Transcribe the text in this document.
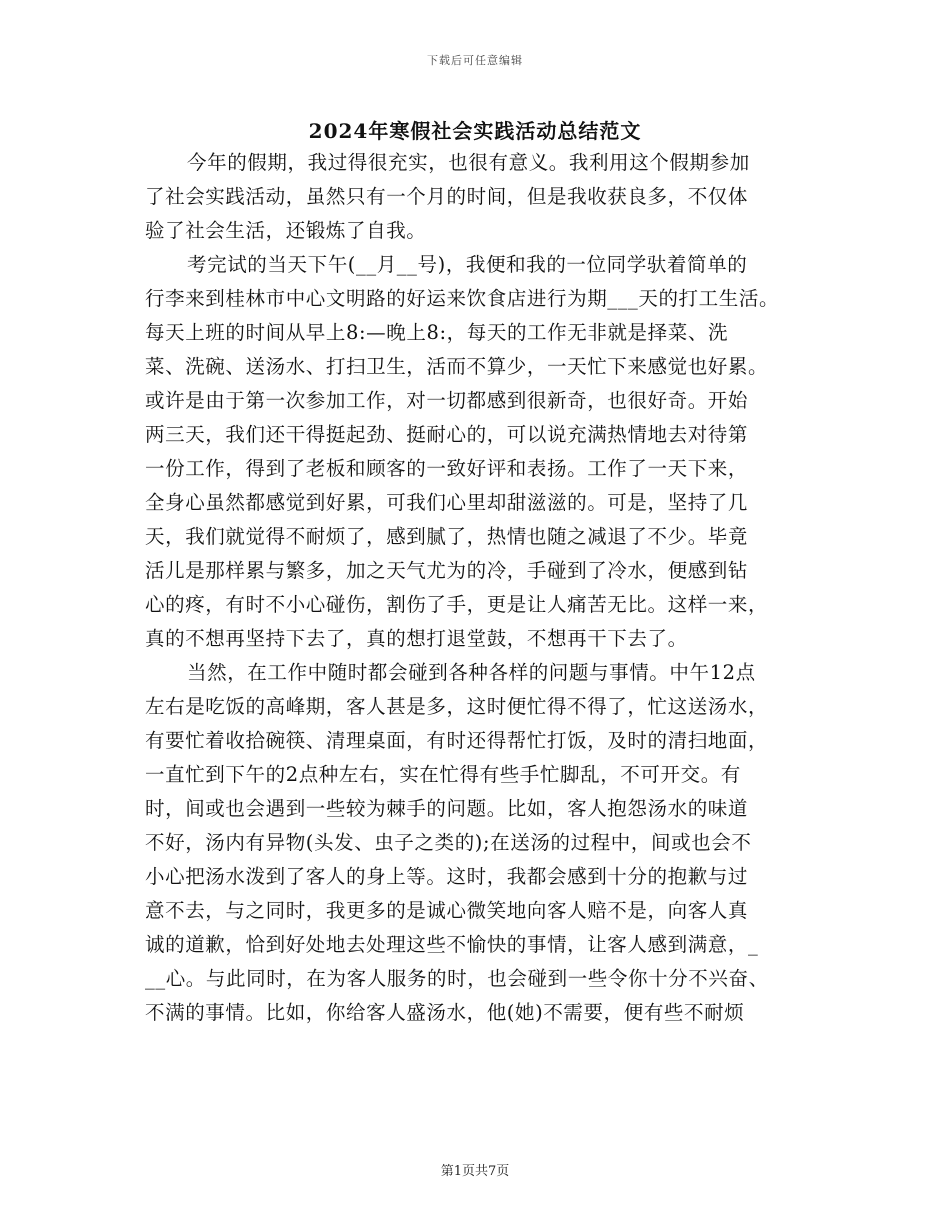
下载后可任意编辑
2024年寒假社会实践活动总结范文
今年的假期，我过得很充实，也很有意义。我利用这个假期参加
了社会实践活动，虽然只有一个月的时间，但是我收获良多，不仅体
验了社会生活，还锻炼了自我。
考完试的当天下午(__月__号)，我便和我的一位同学驮着简单的
行李来到桂林市中心文明路的好运来饮食店进行为期___天的打工生活。
每天上班的时间从早上8:—晚上8:，每天的工作无非就是择菜、洗
菜、洗碗、送汤水、打扫卫生，活而不算少，一天忙下来感觉也好累。
或许是由于第一次参加工作，对一切都感到很新奇，也很好奇。开始
两三天，我们还干得挺起劲、挺耐心的，可以说充满热情地去对待第
一份工作，得到了老板和顾客的一致好评和表扬。工作了一天下来，
全身心虽然都感觉到好累，可我们心里却甜滋滋的。可是，坚持了几
天，我们就觉得不耐烦了，感到腻了，热情也随之减退了不少。毕竟
活儿是那样累与繁多，加之天气尤为的冷，手碰到了冷水，便感到钻
心的疼，有时不小心碰伤，割伤了手，更是让人痛苦无比。这样一来，
真的不想再坚持下去了，真的想打退堂鼓，不想再干下去了。
当然，在工作中随时都会碰到各种各样的问题与事情。中午12点
左右是吃饭的高峰期，客人甚是多，这时便忙得不得了，忙这送汤水，
有要忙着收拾碗筷、清理桌面，有时还得帮忙打饭，及时的清扫地面，
一直忙到下午的2点种左右，实在忙得有些手忙脚乱，不可开交。有
时，间或也会遇到一些较为棘手的问题。比如，客人抱怨汤水的味道
不好，汤内有异物(头发、虫子之类的);在送汤的过程中，间或也会不
小心把汤水泼到了客人的身上等。这时，我都会感到十分的抱歉与过
意不去，与之同时，我更多的是诚心微笑地向客人赔不是，向客人真
诚的道歉，恰到好处地去处理这些不愉快的事情，让客人感到满意，_
__心。与此同时，在为客人服务的时，也会碰到一些令你十分不兴奋、
不满的事情。比如，你给客人盛汤水，他(她)不需要，便有些不耐烦
第1页共7页
